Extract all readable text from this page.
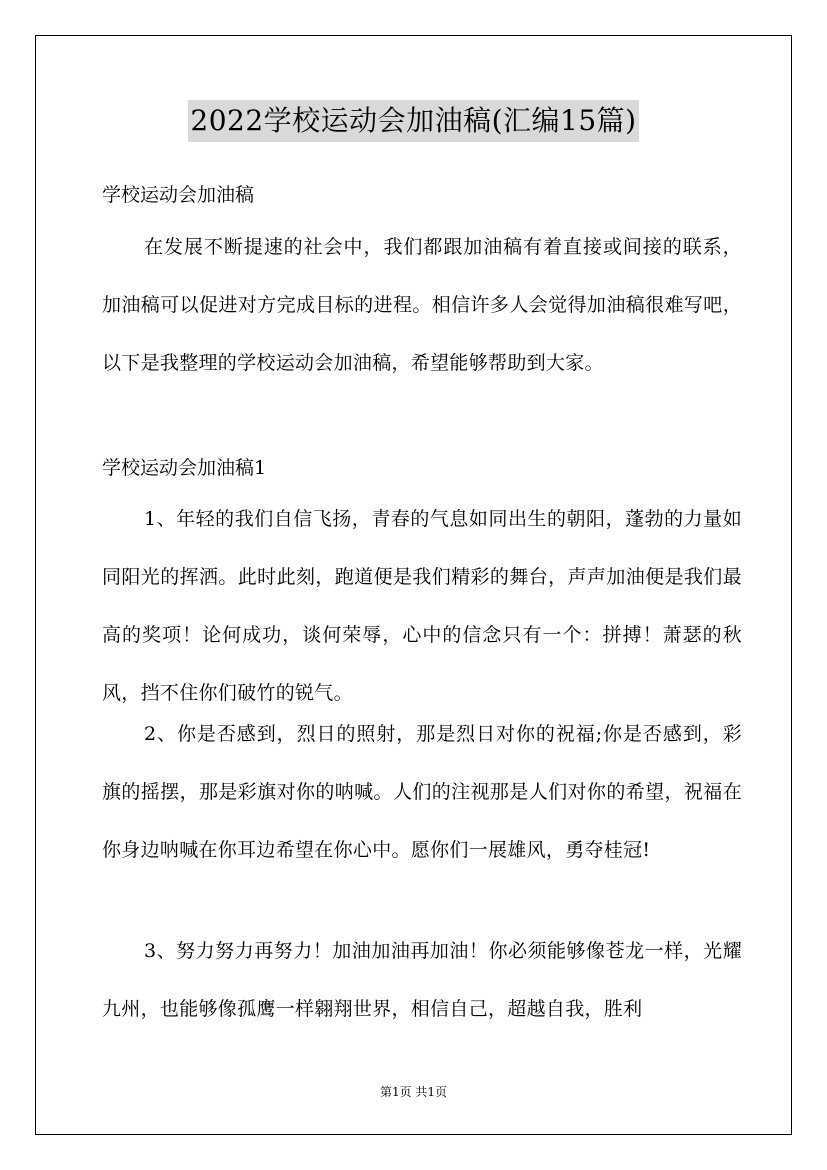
2022学校运动会加油稿(汇编15篇)
学校运动会加油稿
在发展不断提速的社会中，我们都跟加油稿有着直接或间接的联系，加油稿可以促进对方完成目标的进程。相信许多人会觉得加油稿很难写吧，以下是我整理的学校运动会加油稿，希望能够帮助到大家。
学校运动会加油稿1
1、年轻的我们自信飞扬，青春的气息如同出生的朝阳，蓬勃的力量如同阳光的挥洒。此时此刻，跑道便是我们精彩的舞台，声声加油便是我们最高的奖项！论何成功，谈何荣辱，心中的信念只有一个：拼搏！萧瑟的秋风，挡不住你们破竹的锐气。
2、你是否感到，烈日的照射，那是烈日对你的祝福;你是否感到，彩旗的摇摆，那是彩旗对你的呐喊。人们的注视那是人们对你的希望，祝福在你身边呐喊在你耳边希望在你心中。愿你们一展雄风，勇夺桂冠!
3、努力努力再努力！加油加油再加油！你必须能够像苍龙一样，光耀九州，也能够像孤鹰一样翱翔世界，相信自己，超越自我，胜利
第1页 共1页
